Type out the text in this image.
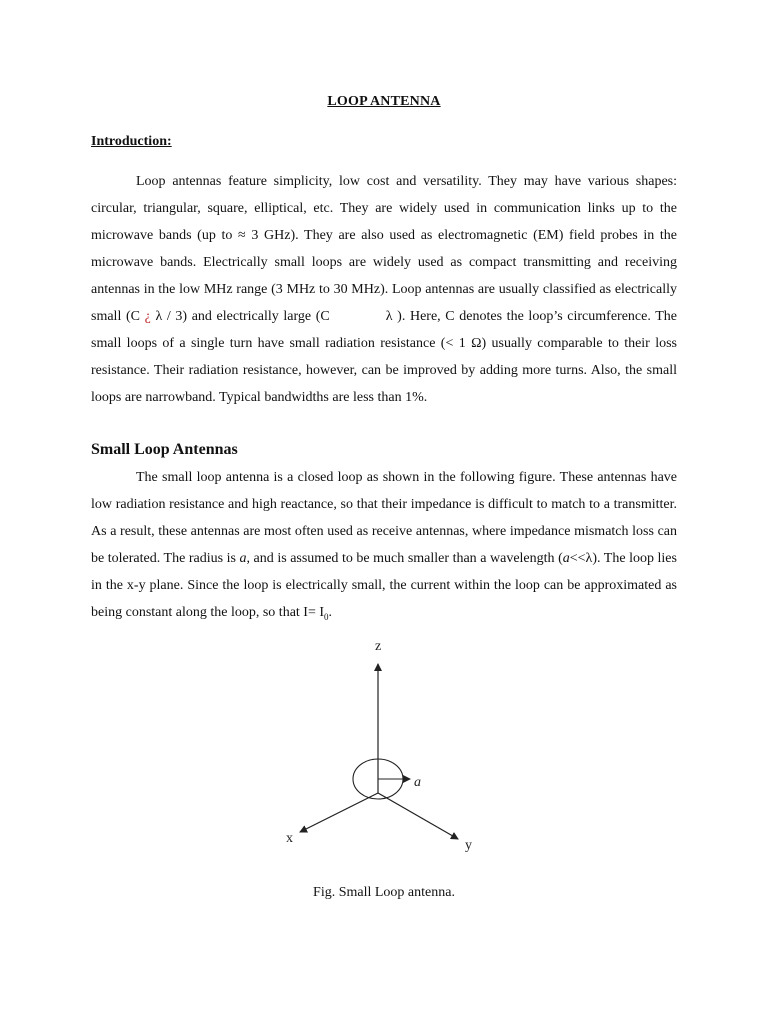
LOOP ANTENNA
Introduction:

Loop antennas feature simplicity, low cost and versatility. They may have various shapes: circular, triangular, square, elliptical, etc. They are widely used in communication links up to the microwave bands (up to ≈ 3 GHz). They are also used as electromagnetic (EM) field probes in the microwave bands. Electrically small loops are widely used as compact transmitting and receiving antennas in the low MHz range (3 MHz to 30 MHz). Loop antennas are usually classified as electrically small (C ¿ λ / 3) and electrically large (C	λ ). Here, C denotes the loop’s circumference. The small loops of a single turn have small radiation resistance (< 1 Ω) usually comparable to their loss resistance. Their radiation resistance, however, can be improved by adding more turns. Also, the small loops are narrowband. Typical bandwidths are less than 1%.

Small Loop Antennas

The small loop antenna is a closed loop as shown in the following figure. These antennas have low radiation resistance and high reactance, so that their impedance is difficult to match to a transmitter. As a result, these antennas are most often used as receive antennas, where impedance mismatch loss can be tolerated. The radius is a, and is assumed to be much smaller than a wavelength (a<<λ). The loop lies in the x-y plane. Since the loop is electrically small, the current within the loop can be approximated as being constant along the loop, so that $I= I_0$.

z
x	y
a
Fig. Small Loop antenna.
